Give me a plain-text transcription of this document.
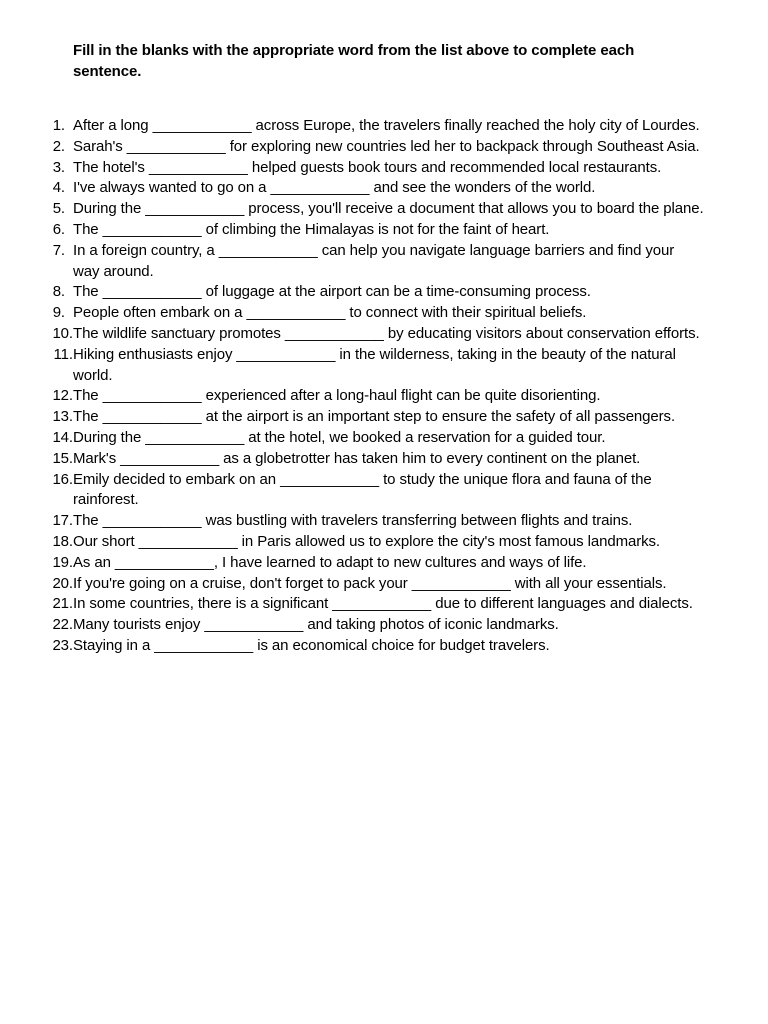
Fill in the blanks with the appropriate word from the list above to complete each sentence.
1. After a long ____________ across Europe, the travelers finally reached the holy city of Lourdes.
2. Sarah's ____________ for exploring new countries led her to backpack through Southeast Asia.
3. The hotel's ____________ helped guests book tours and recommended local restaurants.
4. I've always wanted to go on a ____________ and see the wonders of the world.
5. During the ____________ process, you'll receive a document that allows you to board the plane.
6. The ____________ of climbing the Himalayas is not for the faint of heart.
7. In a foreign country, a ____________ can help you navigate language barriers and find your way around.
8. The ____________ of luggage at the airport can be a time-consuming process.
9. People often embark on a ____________ to connect with their spiritual beliefs.
10. The wildlife sanctuary promotes ____________ by educating visitors about conservation efforts.
11. Hiking enthusiasts enjoy ____________ in the wilderness, taking in the beauty of the natural world.
12. The ____________ experienced after a long-haul flight can be quite disorienting.
13. The ____________ at the airport is an important step to ensure the safety of all passengers.
14. During the ____________ at the hotel, we booked a reservation for a guided tour.
15. Mark's ____________ as a globetrotter has taken him to every continent on the planet.
16. Emily decided to embark on an ____________ to study the unique flora and fauna of the rainforest.
17. The ____________ was bustling with travelers transferring between flights and trains.
18. Our short ____________ in Paris allowed us to explore the city's most famous landmarks.
19. As an ____________, I have learned to adapt to new cultures and ways of life.
20. If you're going on a cruise, don't forget to pack your ____________ with all your essentials.
21. In some countries, there is a significant ____________ due to different languages and dialects.
22. Many tourists enjoy ____________ and taking photos of iconic landmarks.
23. Staying in a ____________ is an economical choice for budget travelers.
